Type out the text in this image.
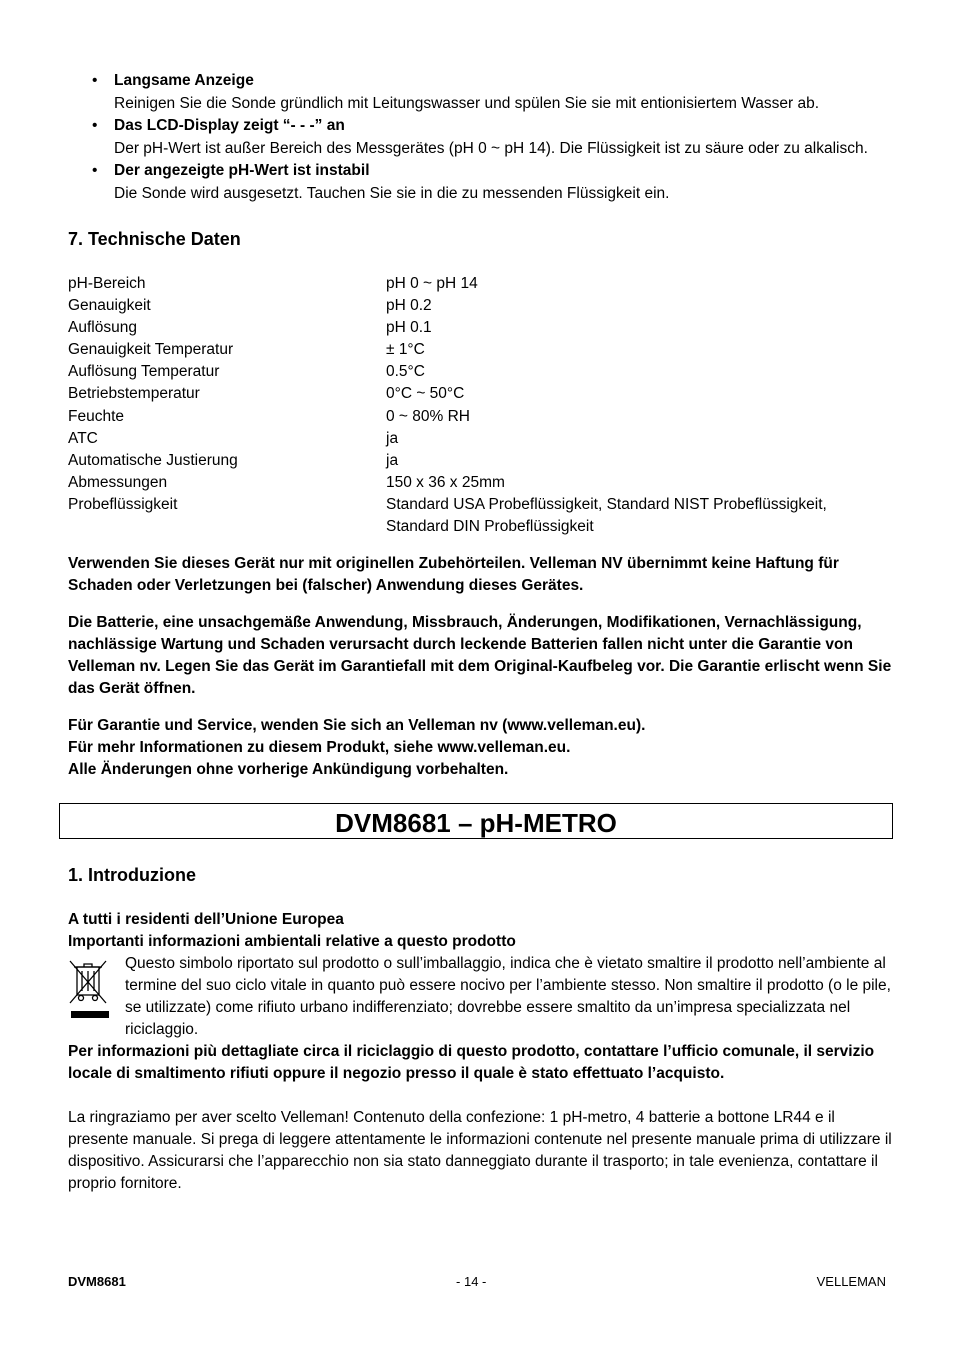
• Langsame Anzeige
Reinigen Sie die Sonde gründlich mit Leitungswasser und spülen Sie sie mit entionisiertem Wasser ab.
• Das LCD-Display zeigt “- - -” an
Der pH-Wert ist außer Bereich des Messgerätes (pH 0 ~ pH 14). Die Flüssigkeit ist zu säure oder zu alkalisch.
• Der angezeigte pH-Wert ist instabil
Die Sonde wird ausgesetzt. Tauchen Sie sie in die zu messenden Flüssigkeit ein.
7. Technische Daten
pH-Bereich	pH 0 ~ pH 14
Genauigkeit	pH 0.2
Auflösung	pH 0.1
Genauigkeit Temperatur	± 1°C
Auflösung Temperatur	0.5°C
Betriebstemperatur	0°C ~ 50°C
Feuchte	0 ~ 80% RH
ATC	ja
Automatische Justierung	ja
Abmessungen	150 x 36 x 25mm
Probeflüssigkeit	Standard USA Probeflüssigkeit, Standard NIST Probeflüssigkeit,
Standard DIN Probeflüssigkeit

Verwenden Sie dieses Gerät nur mit originellen Zubehörteilen. Velleman NV übernimmt keine Haftung für Schaden oder Verletzungen bei (falscher) Anwendung dieses Gerätes.

Die Batterie, eine unsachgemäße Anwendung, Missbrauch, Änderungen, Modifikationen, Vernachlässigung, nachlässige Wartung und Schaden verursacht durch leckende Batterien fallen nicht unter die Garantie von Velleman nv. Legen Sie das Gerät im Garantiefall mit dem Original-Kaufbeleg vor. Die Garantie erlischt wenn Sie das Gerät öffnen.

Für Garantie und Service, wenden Sie sich an Velleman nv (www.velleman.eu).
Für mehr Informationen zu diesem Produkt, siehe www.velleman.eu.
Alle Änderungen ohne vorherige Ankündigung vorbehalten.

DVM8681 – pH-METRO
1. Introduzione

A tutti i residenti dell’Unione Europea
Importanti informazioni ambientali relative a questo prodotto

Questo simbolo riportato sul prodotto o sull’imballaggio, indica che è vietato smaltire il prodotto nell’ambiente al termine del suo ciclo vitale in quanto può essere nocivo per l’ambiente stesso. Non smaltire il prodotto (o le pile, se utilizzate) come rifiuto urbano indifferenziato; dovrebbe essere smaltito da un’impresa specializzata nel riciclaggio.

Per informazioni più dettagliate circa il riciclaggio di questo prodotto, contattare l’ufficio comunale, il servizio locale di smaltimento rifiuti oppure il negozio presso il quale è stato effettuato l’acquisto.

La ringraziamo per aver scelto Velleman! Contenuto della confezione: 1 pH-metro, 4 batterie a bottone LR44 e il presente manuale. Si prega di leggere attentamente le informazioni contenute nel presente manuale prima di utilizzare il dispositivo. Assicurarsi che l’apparecchio non sia stato danneggiato durante il trasporto; in tale evenienza, contattare il proprio fornitore.

DVM8681	- 14 -	VELLEMAN
